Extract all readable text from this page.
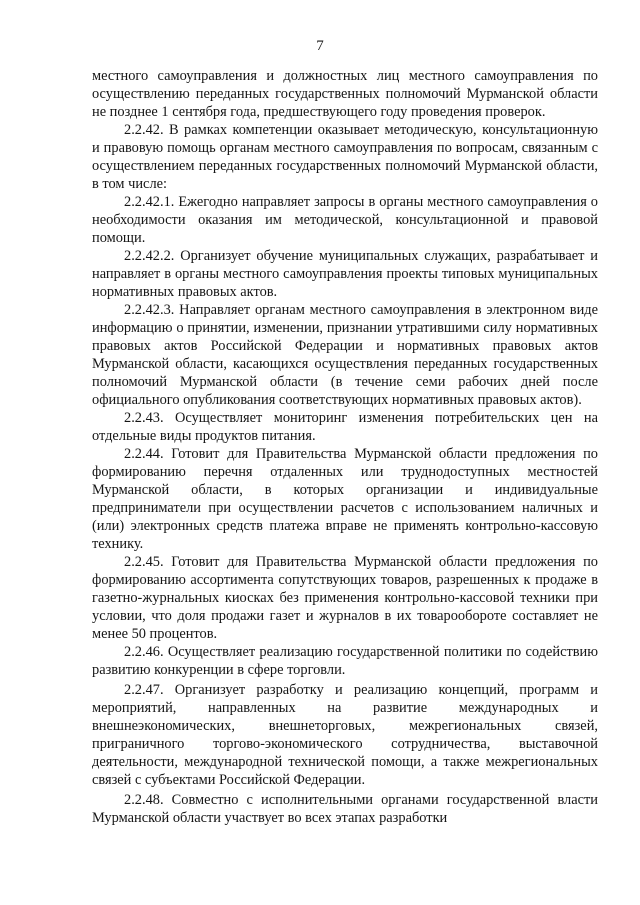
7

местного самоуправления и должностных лиц местного самоуправления по осуществлению переданных государственных полномочий Мурманской области не позднее 1 сентября года, предшествующего году проведения проверок.

2.2.42. В рамках компетенции оказывает методическую, консультационную и правовую помощь органам местного самоуправления по вопросам, связанным с осуществлением переданных государственных полномочий Мурманской области, в том числе:

2.2.42.1. Ежегодно направляет запросы в органы местного самоуправления о необходимости оказания им методической, консультационной и правовой помощи.

2.2.42.2. Организует обучение муниципальных служащих, разрабатывает и направляет в органы местного самоуправления проекты типовых муниципальных нормативных правовых актов.

2.2.42.3. Направляет органам местного самоуправления в электронном виде информацию о принятии, изменении, признании утратившими силу нормативных правовых актов Российской Федерации и нормативных правовых актов Мурманской области, касающихся осуществления переданных государственных полномочий Мурманской области (в течение семи рабочих дней после официального опубликования соответствующих нормативных правовых актов).

2.2.43. Осуществляет мониторинг изменения потребительских цен на отдельные виды продуктов питания.

2.2.44. Готовит для Правительства Мурманской области предложения по формированию перечня отдаленных или труднодоступных местностей Мурманской области, в которых организации и индивидуальные предприниматели при осуществлении расчетов с использованием наличных и (или) электронных средств платежа вправе не применять контрольно-кассовую технику.

2.2.45. Готовит для Правительства Мурманской области предложения по формированию ассортимента сопутствующих товаров, разрешенных к продаже в газетно-журнальных киосках без применения контрольно-кассовой техники при условии, что доля продажи газет и журналов в их товарообороте составляет не менее 50 процентов.

2.2.46. Осуществляет реализацию государственной политики по содействию развитию конкуренции в сфере торговли.

2.2.47. Организует разработку и реализацию концепций, программ и мероприятий, направленных на развитие международных и внешнеэкономических, внешнеторговых, межрегиональных связей, приграничного торгово-экономического сотрудничества, выставочной деятельности, международной технической помощи, а также межрегиональных связей с субъектами Российской Федерации.

2.2.48. Совместно с исполнительными органами государственной власти Мурманской области участвует во всех этапах разработки
